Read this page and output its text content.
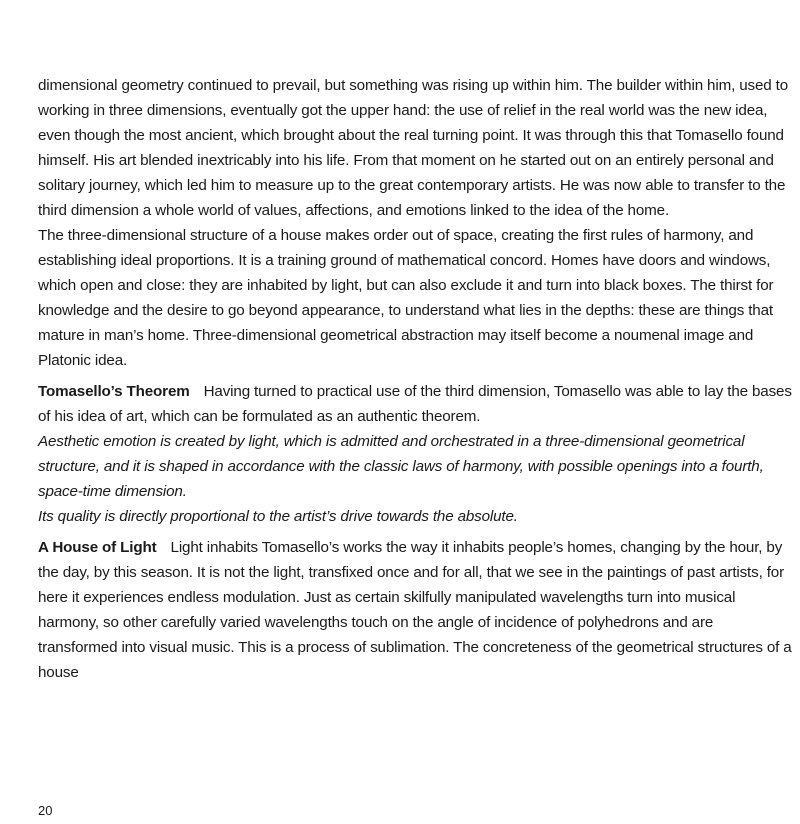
dimensional geometry continued to prevail, but something was rising up within him. The builder within him, used to working in three dimensions, eventually got the upper hand: the use of relief in the real world was the new idea, even though the most ancient, which brought about the real turning point. It was through this that Tomasello found himself. His art blended inextricably into his life. From that moment on he started out on an entirely personal and solitary journey, which led him to measure up to the great contemporary artists. He was now able to transfer to the third dimension a whole world of values, affections, and emotions linked to the idea of the home.

The three-dimensional structure of a house makes order out of space, creating the first rules of harmony, and establishing ideal proportions. It is a training ground of mathematical concord. Homes have doors and windows, which open and close: they are inhabited by light, but can also exclude it and turn into black boxes. The thirst for knowledge and the desire to go beyond appearance, to understand what lies in the depths: these are things that mature in man’s home. Three-dimensional geometrical abstraction may itself become a noumenal image and Platonic idea.

Tomasello’s Theorem Having turned to practical use of the third dimension, Tomasello was able to lay the bases of his idea of art, which can be formulated as an authentic theorem.

Aesthetic emotion is created by light, which is admitted and orchestrated in a three-dimensional geometrical structure, and it is shaped in accordance with the classic laws of harmony, with possible openings into a fourth, space-time dimension.

Its quality is directly proportional to the artist’s drive towards the absolute.

A House of Light Light inhabits Tomasello’s works the way it inhabits people’s homes, changing by the hour, by the day, by this season. It is not the light, transfixed once and for all, that we see in the paintings of past artists, for here it experiences endless modulation. Just as certain skilfully manipulated wavelengths turn into musical harmony, so other carefully varied wavelengths touch on the angle of incidence of polyhedrons and are transformed into visual music. This is a process of sublimation. The concreteness of the geometrical structures of a house

20
